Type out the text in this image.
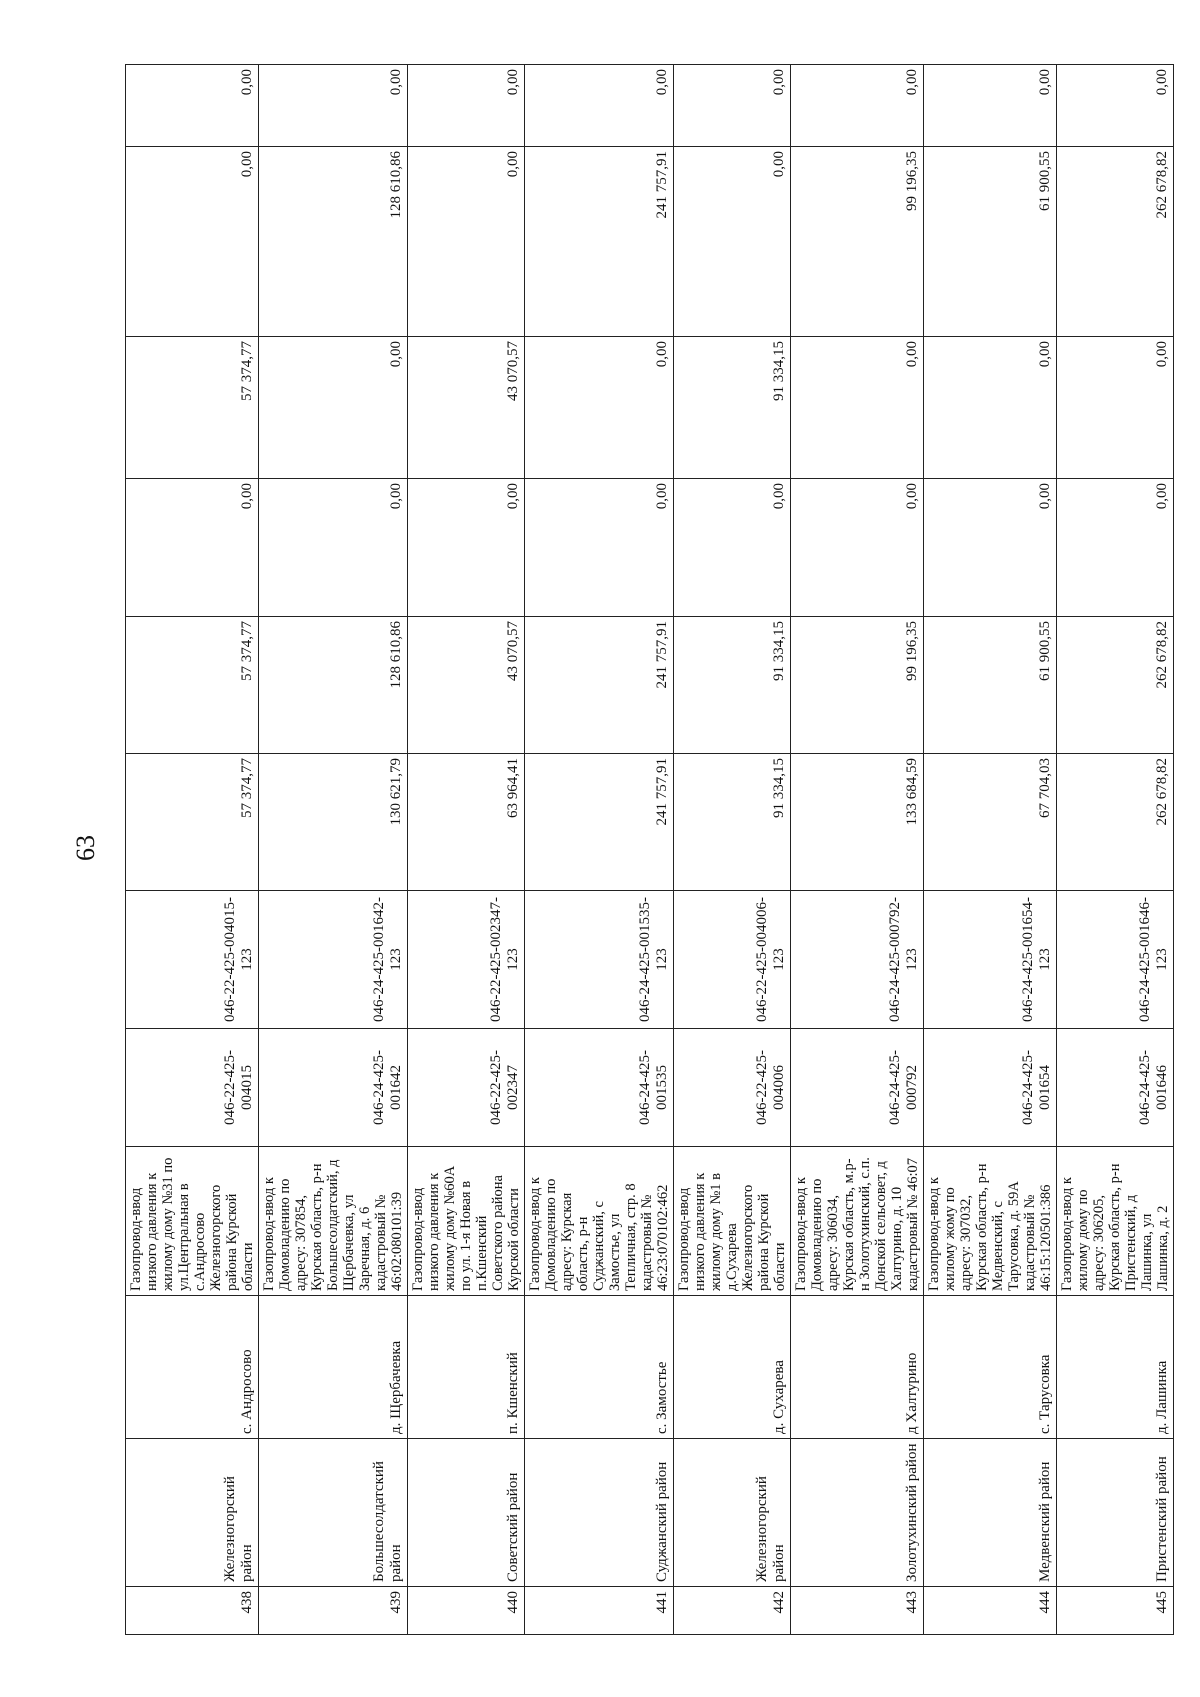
63
438	Железногорский район	с. Андросово	Газопровод-ввод низкого давления к жилому дому №31 по ул.Центральная в с.Андросово Железногорского района Курской области	046-22-425-004015	046-22-425-004015-123	57 374,77	57 374,77	0,00	57 374,77	0,00	0,00
439	Большесолдатский район	д. Щербачевка	Газопровод-ввод к Домовладению по адресу: 307854, Курская область, р-н Большесолдатский, д Щербачевка, ул Заречная, д. 6 кадастровый № 46:02:080101:39	046-24-425-001642	046-24-425-001642-123	130 621,79	128 610,86	0,00	0,00	128 610,86	0,00
440	Советский район	п. Кшенский	Газопровод-ввод низкого давления к жилому дому №60А по ул. 1-я Новая в п.Кшенский Советского района Курской области	046-22-425-002347	046-22-425-002347-123	63 964,41	43 070,57	0,00	43 070,57	0,00	0,00
441	Суджанский район	с. Замостье	Газопровод-ввод к Домовладению по адресу: Курская область, р-н Суджанский, с Замостье, ул Тепличная, стр. 8 кадастровый № 46:23:070102:462	046-24-425-001535	046-24-425-001535-123	241 757,91	241 757,91	0,00	0,00	241 757,91	0,00
442	Железногорский район	д. Сухарева	Газопровод-ввод низкого давления к жилому дому №1 в д.Сухарева Железногорского района Курской области	046-22-425-004006	046-22-425-004006-123	91 334,15	91 334,15	0,00	91 334,15	0,00	0,00
443	Золотухинский район	д Халтурино	Газопровод-ввод к Домовладению по адресу: 306034, Курская область, м.р-н Золотухинский, с.п. Донской сельсовет, д Халтурино, д. 10 кадастровый № 46:07	046-24-425-000792	046-24-425-000792-123	133 684,59	99 196,35	0,00	0,00	99 196,35	0,00
444	Медвенский район	с. Тарусовка	Газопровод-ввод к жилому жому по адресу: 307032, Курская область, р-н Медвенский, с Тарусовка, д. 59А кадастровый № 46:15:120501:386	046-24-425-001654	046-24-425-001654-123	67 704,03	61 900,55	0,00	0,00	61 900,55	0,00
445	Пристенский район	д. Лашинка	Газопровод-ввод к жилому дому по адресу: 306205, Курская область, р-н Пристенский, д Лашинка, ул Лашинка, д. 2	046-24-425-001646	046-24-425-001646-123	262 678,82	262 678,82	0,00	0,00	262 678,82	0,00
